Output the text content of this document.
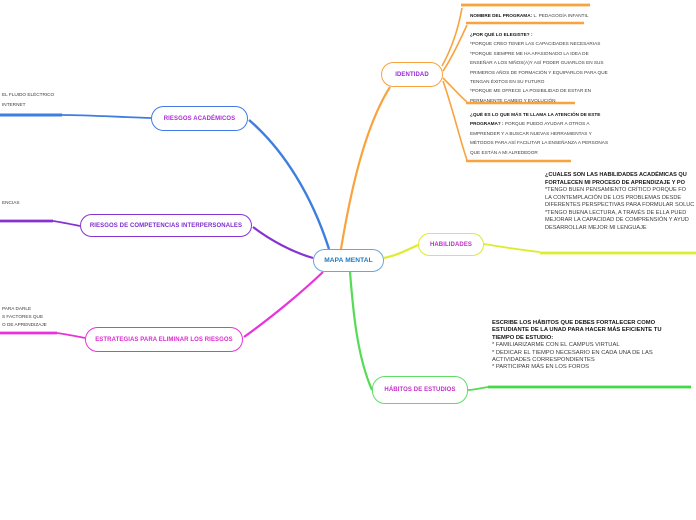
MAPA MENTAL
IDENTIDAD
HABILIDADES
HÁBITOS DE ESTUDIOS
RIESGOS ACADÉMICOS
RIESGOS DE COMPETENCIAS INTERPERSONALES
ESTRATEGIAS PARA ELIMINAR LOS RIESGOS
NOMBRE DEL PROGRAMA: L. PEDAGOGÍA INFANTIL
¿POR QUÉ LO ELEGISTE? :
*PORQUE CREO TENER LAS CAPACIDADES NECESARIAS
*PORQUE SIEMPRE ME HA APASIONADO LA IDEA DE
ENSEÑAR A LOS NIÑOS(A)Y ASÍ PODER GUIARLOS EN SUS
PRIMEROS AÑOS DE FORMACIÓN Y EQUIPARLOS PARA QUE
TENGAN ÉXITOS EN SU FUTURO
*PORQUE ME OFRECE LA POSIBILIDAD DE ESTAR EN
PERMANENTE CAMBIO Y EVOLUCIÓN
¿QUÉ ES LO QUE MÁS TE LLAMA LA ATENCIÓN DE ESTE
PROGRAMA? : PORQUE PUEDO AYUDAR A OTROS A
EMPRENDER Y A BUSCAR NUEVAS HERRAMIENTAS Y
MÉTODOS PARA ASÍ FACILITAR LA ENSEÑANZA A PERSONAS
QUE ESTÁN A MI ALREDEDOR
¿CUALES SON LAS HABILIDADES ACADÉMICAS QU
FORTALECEN MI PROCESO DE APRENDIZAJE Y PO
*TENGO BUEN PENSAMIENTO CRÍTICO PORQUE FO
LA CONTEMPLACIÓN DE LOS PROBLEMAS DESDE
DIFERENTES PERSPECTIVAS PARA FORMULAR SOLUC
*TENGO BUENA LECTURA, A TRAVÉS DE ELLA PUED
MEJORAR LA CAPACIDAD DE COMPRENSIÓN Y AYUD
DESARROLLAR MEJOR MI LENGUAJE
ESCRIBE LOS HÁBITOS QUE DEBES FORTALECER COMO
ESTUDIANTE DE LA UNAD PARA HACER MÁS EFICIENTE TU
TIEMPO DE ESTUDIO:
* FAMILIARIZARME CON EL CAMPUS VIRTUAL
* DEDICAR EL TIEMPO NECESARIO EN CADA UNA DE LAS
ACTIVIDADES CORRESPONDIENTES
* PARTICIPAR MÁS EN LOS FOROS
EL FLUIDO ELÉCTRICO
INTERNET
ENCIAS
PARA DARLE
S FACTORES QUE
O DE APRENDIZAJE
